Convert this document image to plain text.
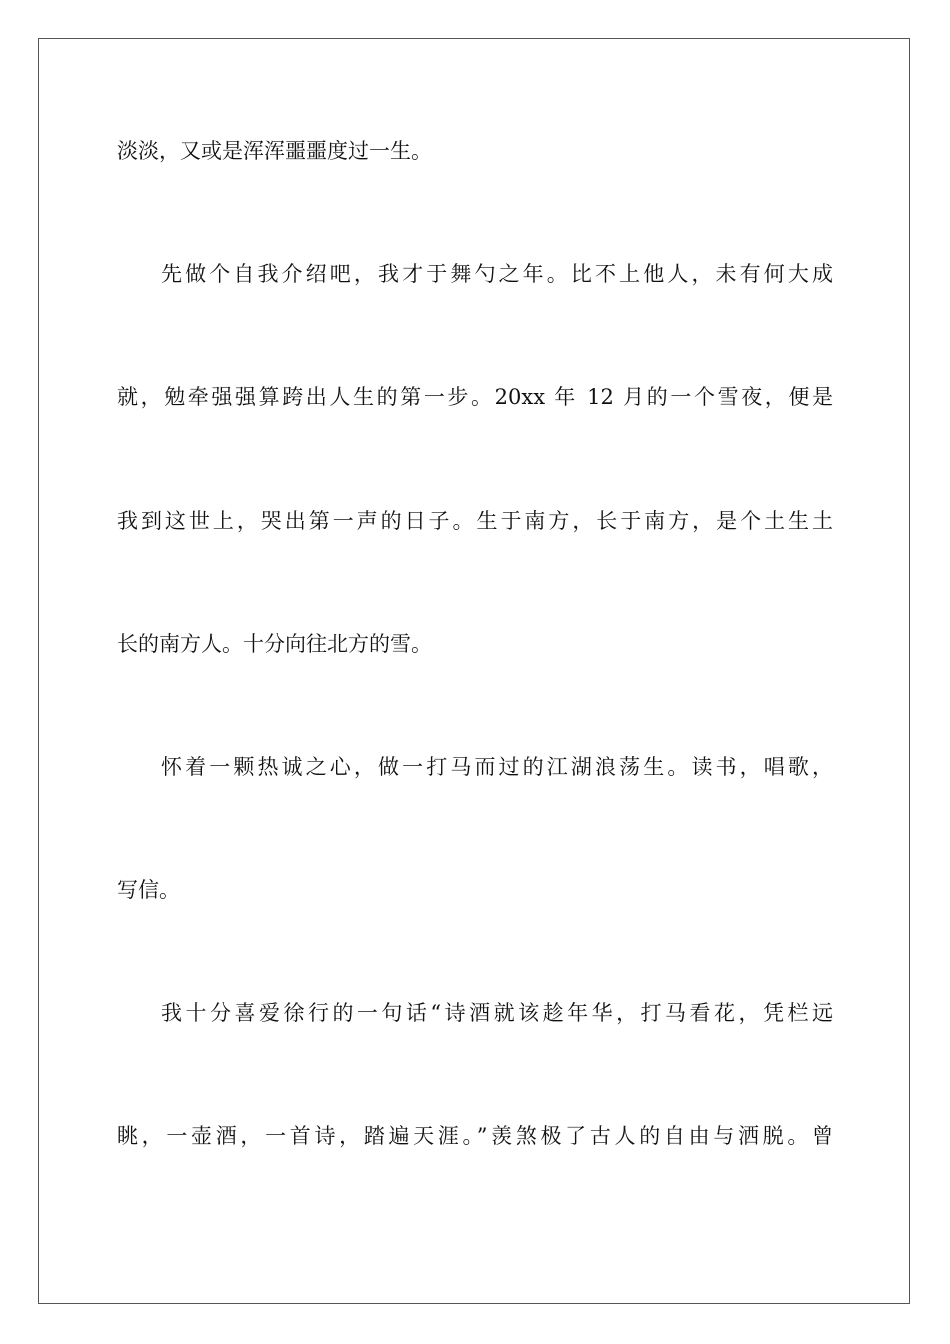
淡淡，又或是浑浑噩噩度过一生。

先做个自我介绍吧，我才于舞勺之年。比不上他人，未有何大成

就，勉牵强强算跨出人生的第一步。20xx 年 12 月的一个雪夜，便是

我到这世上，哭出第一声的日子。生于南方，长于南方，是个土生土

长的南方人。十分向往北方的雪。

怀着一颗热诚之心，做一打马而过的江湖浪荡生。读书，唱歌，

写信。

我十分喜爱徐行的一句话“诗酒就该趁年华，打马看花，凭栏远

眺，一壶酒，一首诗，踏遍天涯。”羡煞极了古人的自由与洒脱。曾
